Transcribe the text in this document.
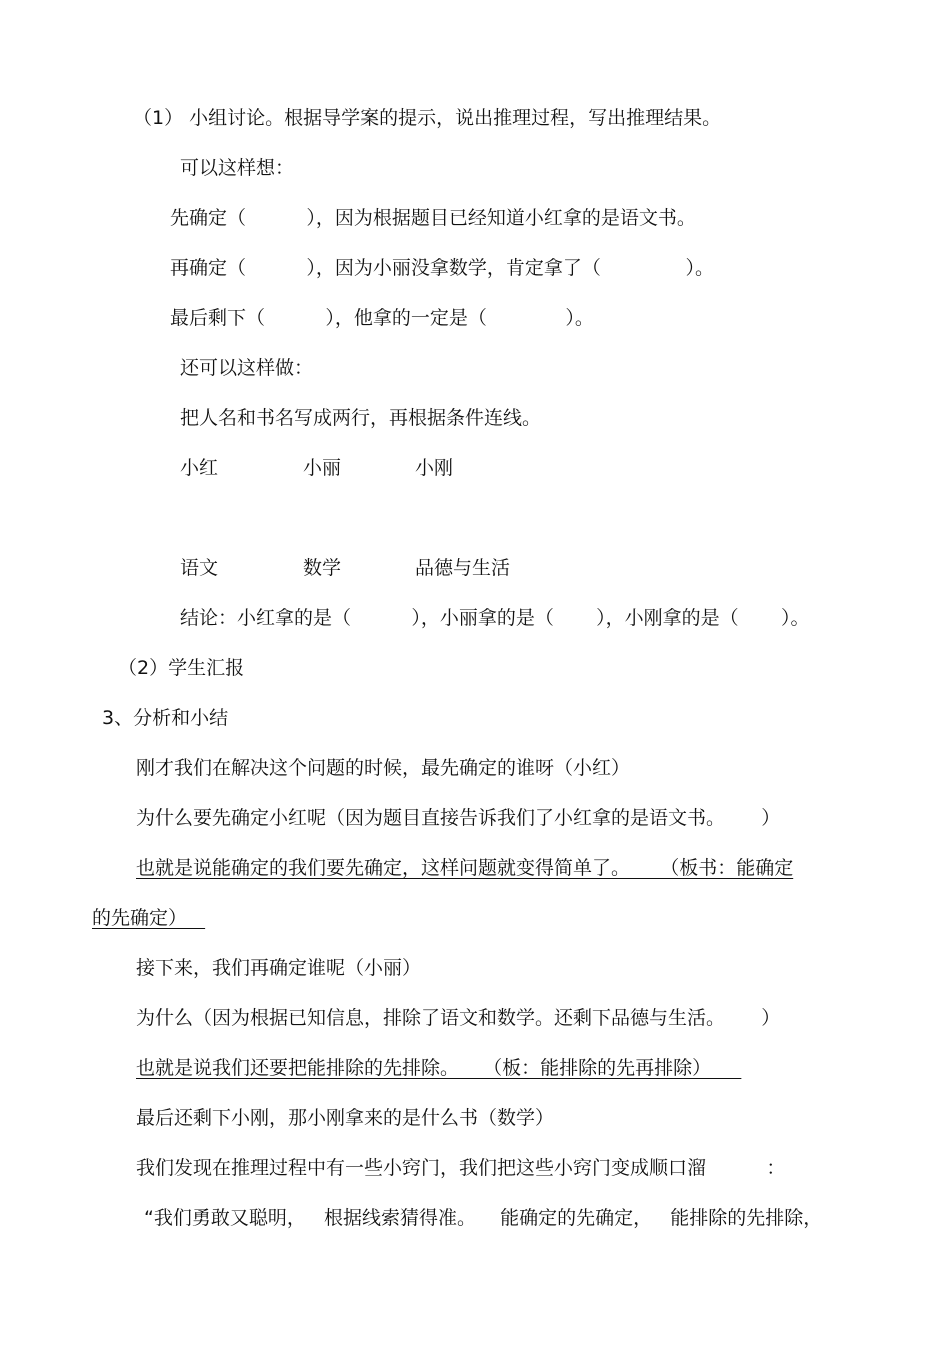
（1） 小组讨论。根据导学案的提示，说出推理过程，写出推理结果。
可以这样想：
先确定（          ），因为根据题目已经知道小红拿的是语文书。
再确定（          ），因为小丽没拿数学，肯定拿了（              ）。
最后剩下（          ），他拿的一定是（             ）。
还可以这样做：
把人名和书名写成两行，再根据条件连线。
小红	小丽	小刚
语文	数学	品德与生活
结论：小红拿的是（          ），小丽拿的是（       ），小刚拿的是（       ）。
（2）学生汇报
3、分析和小结
刚才我们在解决这个问题的时候，最先确定的谁呀（小红）
为什么要先确定小红呢（因为题目直接告诉我们了小红拿的是语文书。      ）
也就是说能确定的我们要先确定，这样问题就变得简单了。     （板书：能确定
的先确定）
接下来，我们再确定谁呢（小丽）
为什么（因为根据已知信息，排除了语文和数学。还剩下品德与生活。      ）
也就是说我们还要把能排除的先排除。    （板：能排除的先再排除）
最后还剩下小刚，那小刚拿来的是什么书（数学）
我们发现在推理过程中有一些小窍门，我们把这些小窍门变成顺口溜          ：
“我们勇敢又聪明，   根据线索猜得准。    能确定的先确定，   能排除的先排除，
